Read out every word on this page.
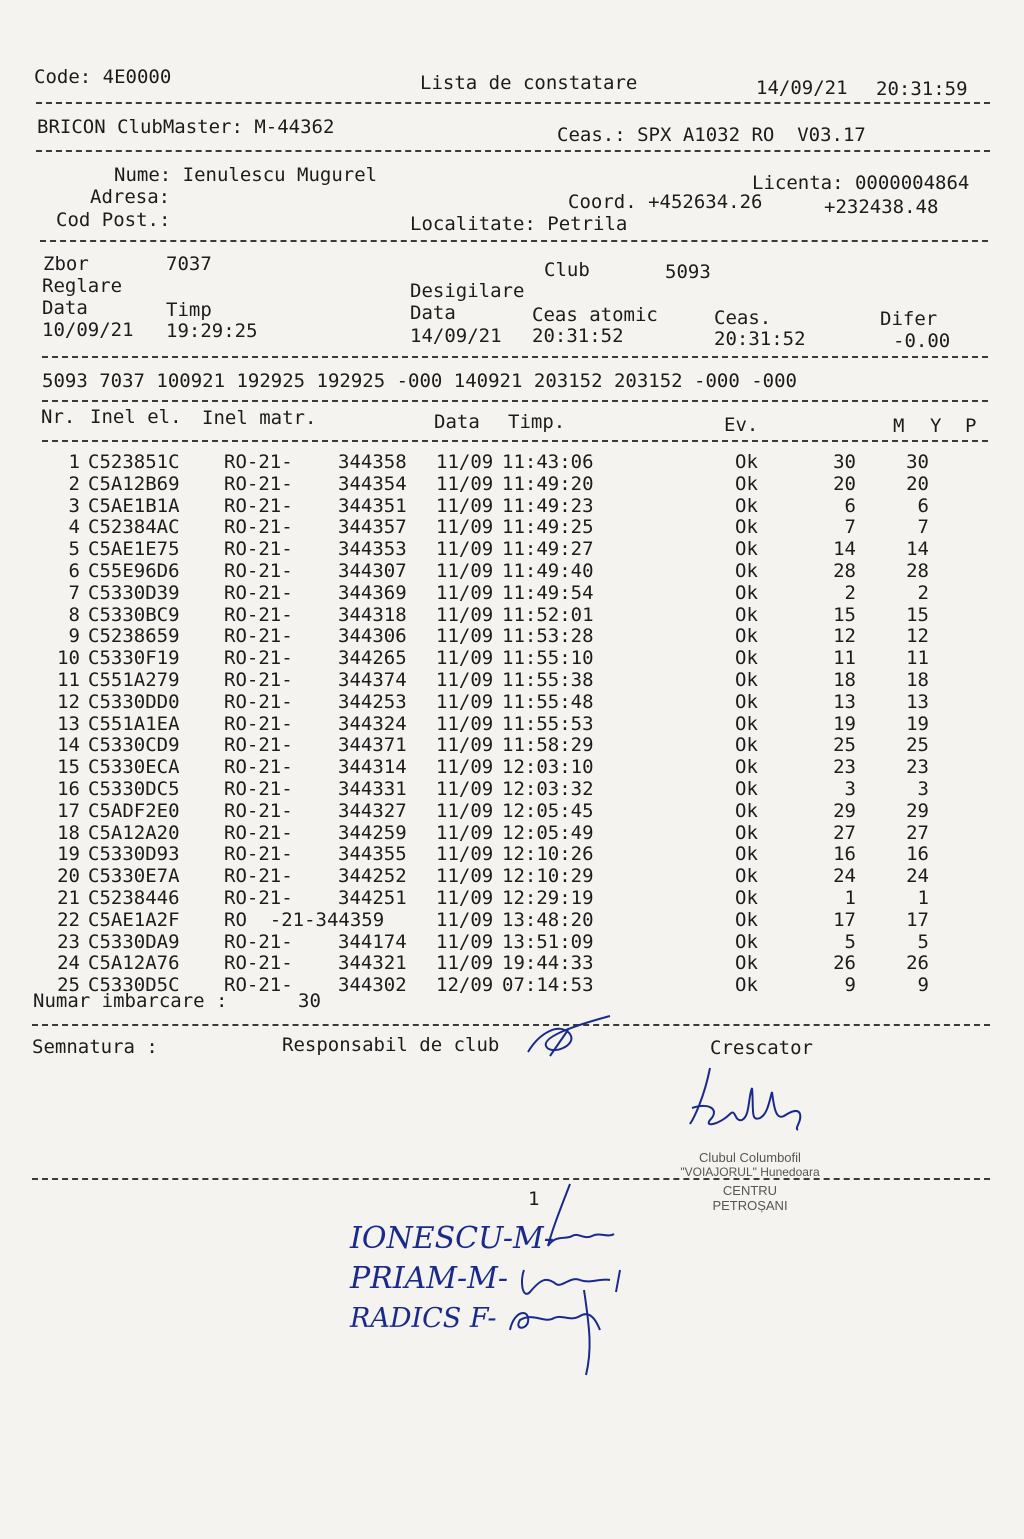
Code: 4E0000	Lista de constatare	14/09/21 20:31:59
BRICON ClubMaster: M-44362	Ceas.: SPX A1032 RO  V03.17
Nume: Ienulescu Mugurel
Adresa:
Cod Post.:
Licenta: 0000004864
Coord. +452634.26	+232438.48
Localitate: Petrila
Zbor	7037	Club	5093
Reglare	Desigilare
Data	Timp	Data	Ceas atomic	Ceas.	Difer
10/09/21 19:29:25	14/09/21 20:31:52	20:31:52	-0.00
5093 7037 100921 192925 192925 -000 140921 203152 203152 -000 -000
Nr. Inel el. Inel matr.	Data Timp.	Ev.	M Y P
1 C523851C RO-21- 344358 11/09 11:43:06	Ok	30	30
2 C5A12B69 RO-21- 344354 11/09 11:49:20	Ok	20	20
3 C5AE1B1A RO-21- 344351 11/09 11:49:23	Ok	6	6
4 C52384AC RO-21- 344357 11/09 11:49:25	Ok	7	7
5 C5AE1E75 RO-21- 344353 11/09 11:49:27	Ok	14	14
6 C55E96D6 RO-21- 344307 11/09 11:49:40	Ok	28	28
7 C5330D39 RO-21- 344369 11/09 11:49:54	Ok	2	2
8 C5330BC9 RO-21- 344318 11/09 11:52:01	Ok	15	15
9 C5238659 RO-21- 344306 11/09 11:53:28	Ok	12	12
10 C5330F19 RO-21- 344265 11/09 11:55:10	Ok	11	11
11 C551A279 RO-21- 344374 11/09 11:55:38	Ok	18	18
12 C5330DD0 RO-21- 344253 11/09 11:55:48	Ok	13	13
13 C551A1EA RO-21- 344324 11/09 11:55:53	Ok	19	19
14 C5330CD9 RO-21- 344371 11/09 11:58:29	Ok	25	25
15 C5330ECA RO-21- 344314 11/09 12:03:10	Ok	23	23
16 C5330DC5 RO-21- 344331 11/09 12:03:32	Ok	3	3
17 C5ADF2E0 RO-21- 344327 11/09 12:05:45	Ok	29	29
18 C5A12A20 RO-21- 344259 11/09 12:05:49	Ok	27	27
19 C5330D93 RO-21- 344355 11/09 12:10:26	Ok	16	16
20 C5330E7A RO-21- 344252 11/09 12:10:29	Ok	24	24
21 C5238446 RO-21- 344251 11/09 12:29:19	Ok	1	1
22 C5AE1A2F RO  -21-344359	11/09 13:48:20	Ok	17	17
23 C5330DA9 RO-21- 344174 11/09 13:51:09	Ok	5	5
24 C5A12A76 RO-21- 344321 11/09 19:44:33	Ok	26	26
25 C5330D5C RO-21- 344302 12/09 07:14:53	Ok	9	9
Numar imbarcare :	30
Semnatura :	Responsabil de club	Crescator
Clubul Columbofil
"VOIAJORUL" Hunedoara
CENTRU
PETROȘANI
1
IONESCU-M-
PRIAM-M-
RADICS F-
